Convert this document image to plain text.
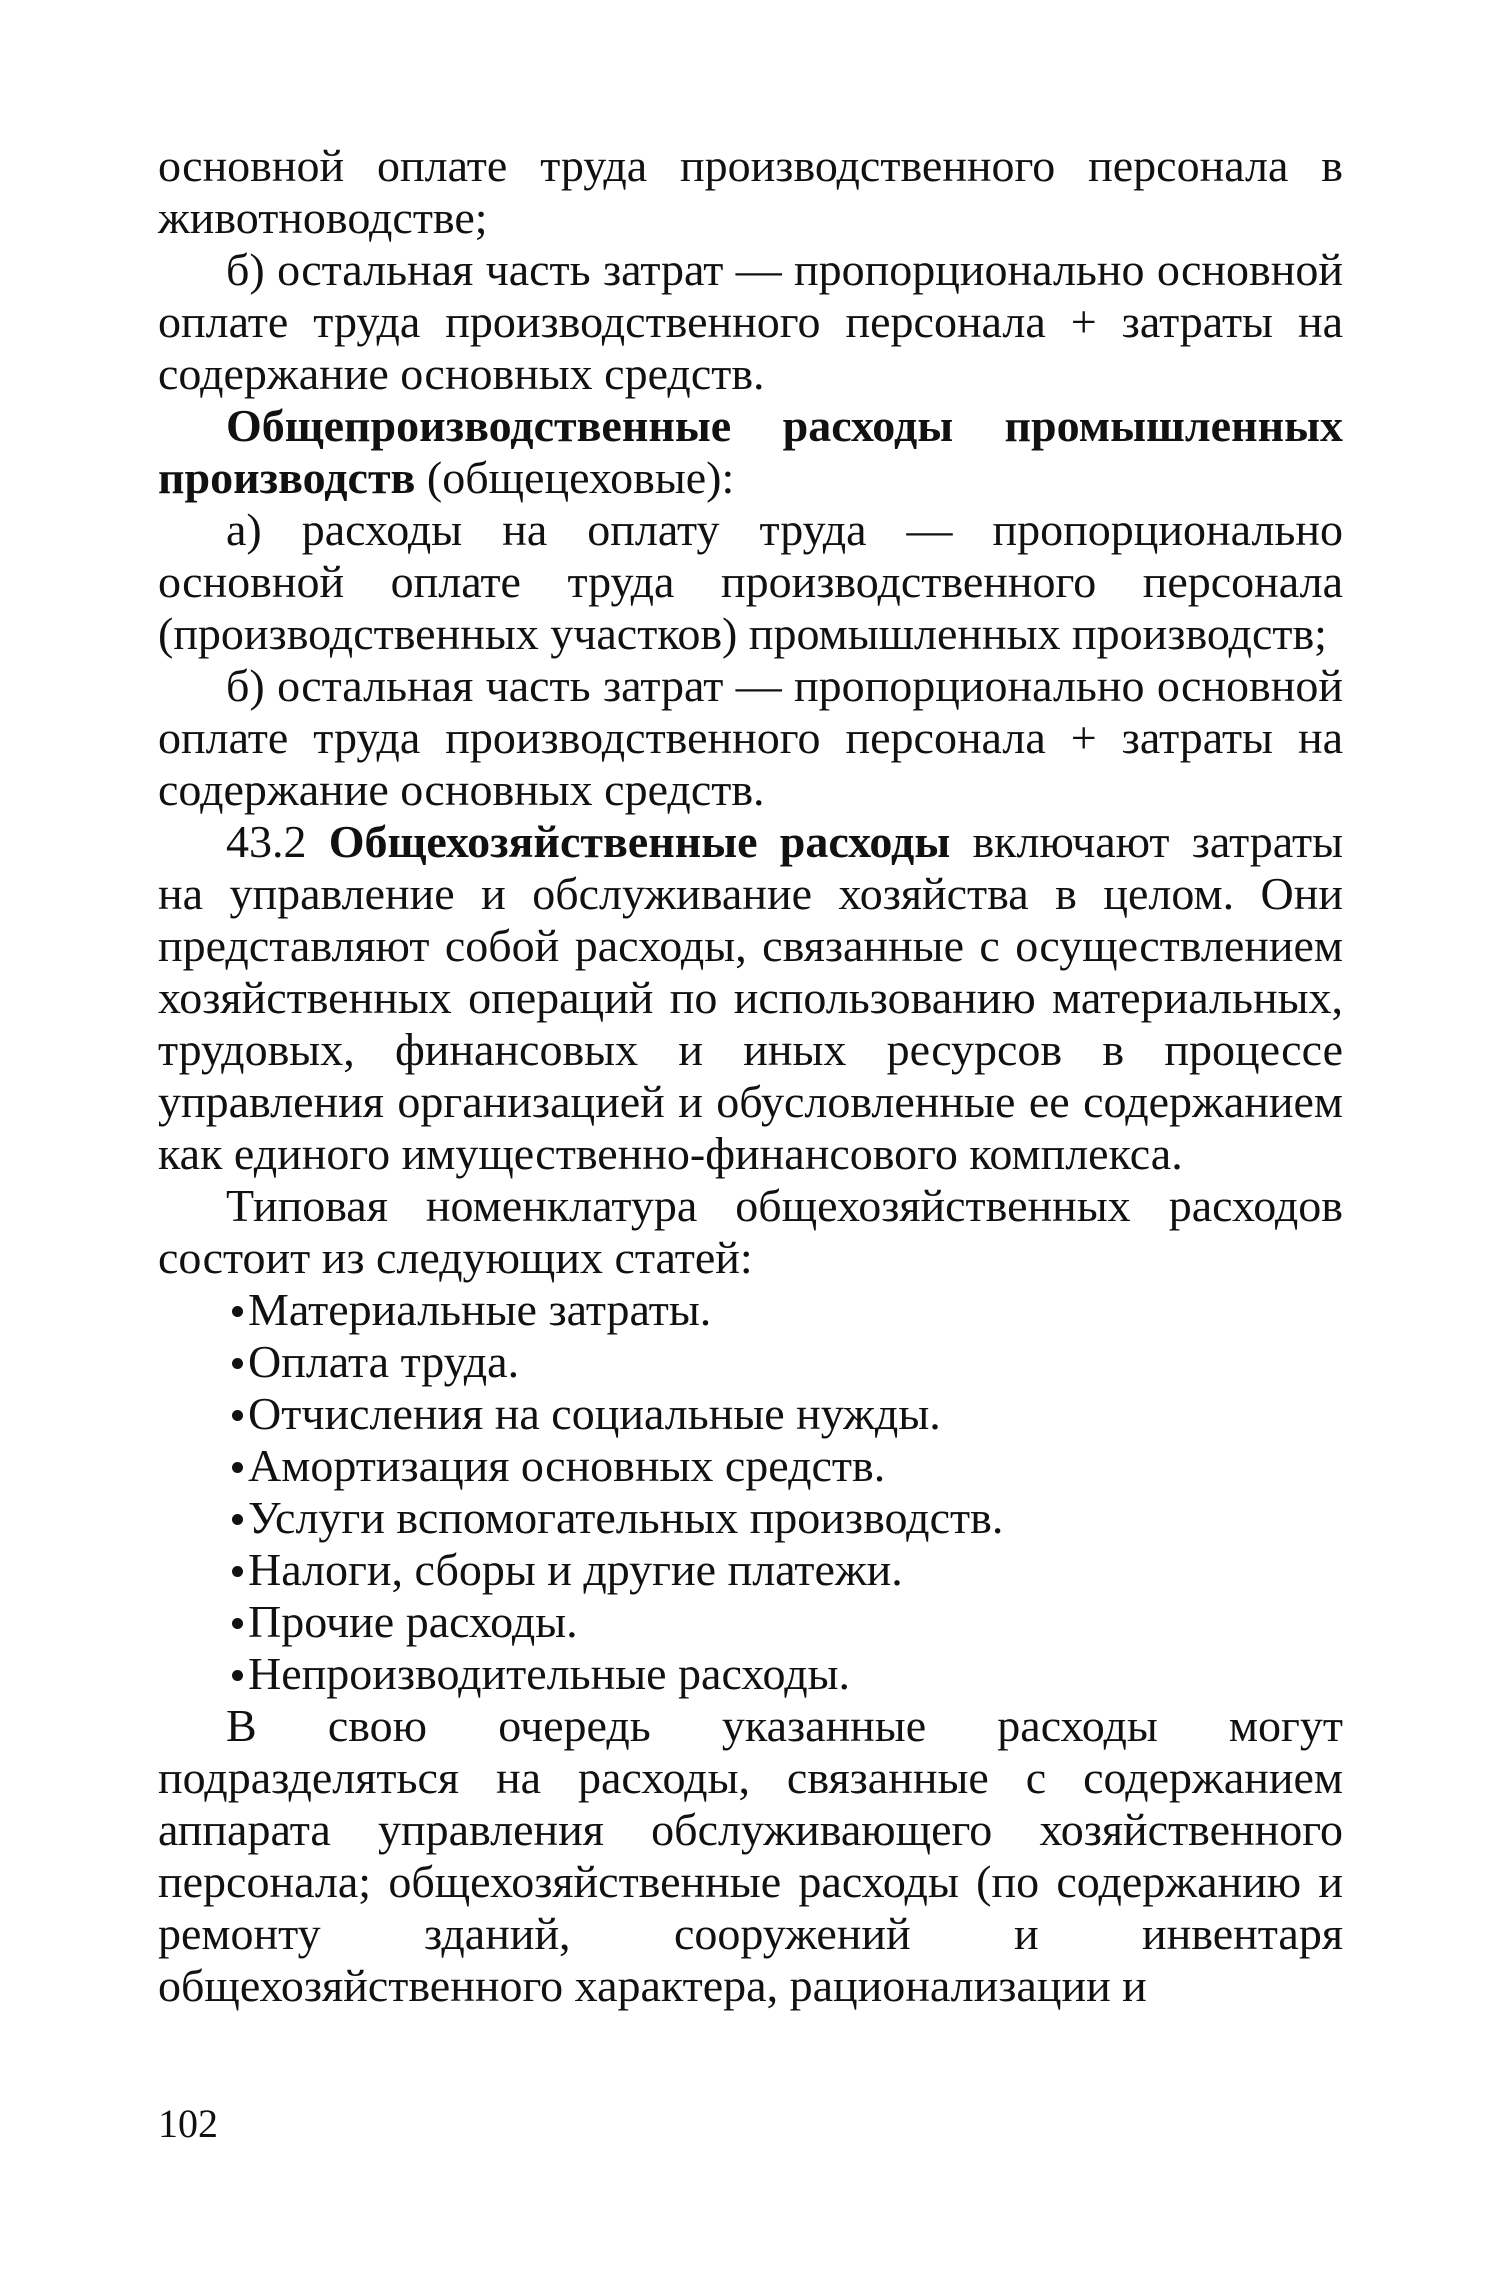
основной оплате труда производственного персонала в животноводстве;

б) остальная часть затрат — пропорционально основной оплате труда производственного персонала + затраты на содержание основных средств.

Общепроизводственные расходы промышленных производств (общецеховые):

а) расходы на оплату труда — пропорционально основной оплате труда производственного персонала (производственных участков) промышленных производств;

б) остальная часть затрат — пропорционально основной оплате труда производственного персонала + затраты на содержание основных средств.

43.2 Общехозяйственные расходы включают затраты на управление и обслуживание хозяйства в целом. Они представляют собой расходы, связанные с осуществлением хозяйственных операций по использованию материальных, трудовых, финансовых и иных ресурсов в процессе управления организацией и обусловленные ее содержанием как единого имущественно-финансового комплекса.

Типовая номенклатура общехозяйственных расходов состоит из следующих статей:

Материальные затраты.
Оплата труда.
Отчисления на социальные нужды.
Амортизация основных средств.
Услуги вспомогательных производств.
Налоги, сборы и другие платежи.
Прочие расходы.
Непроизводительные расходы.

В свою очередь указанные расходы могут подразделяться на расходы, связанные с содержанием аппарата управления обслуживающего хозяйственного персонала; общехозяйственные расходы (по содержанию и ремонту зданий, сооружений и инвентаря общехозяйственного характера, рационализации и

102
